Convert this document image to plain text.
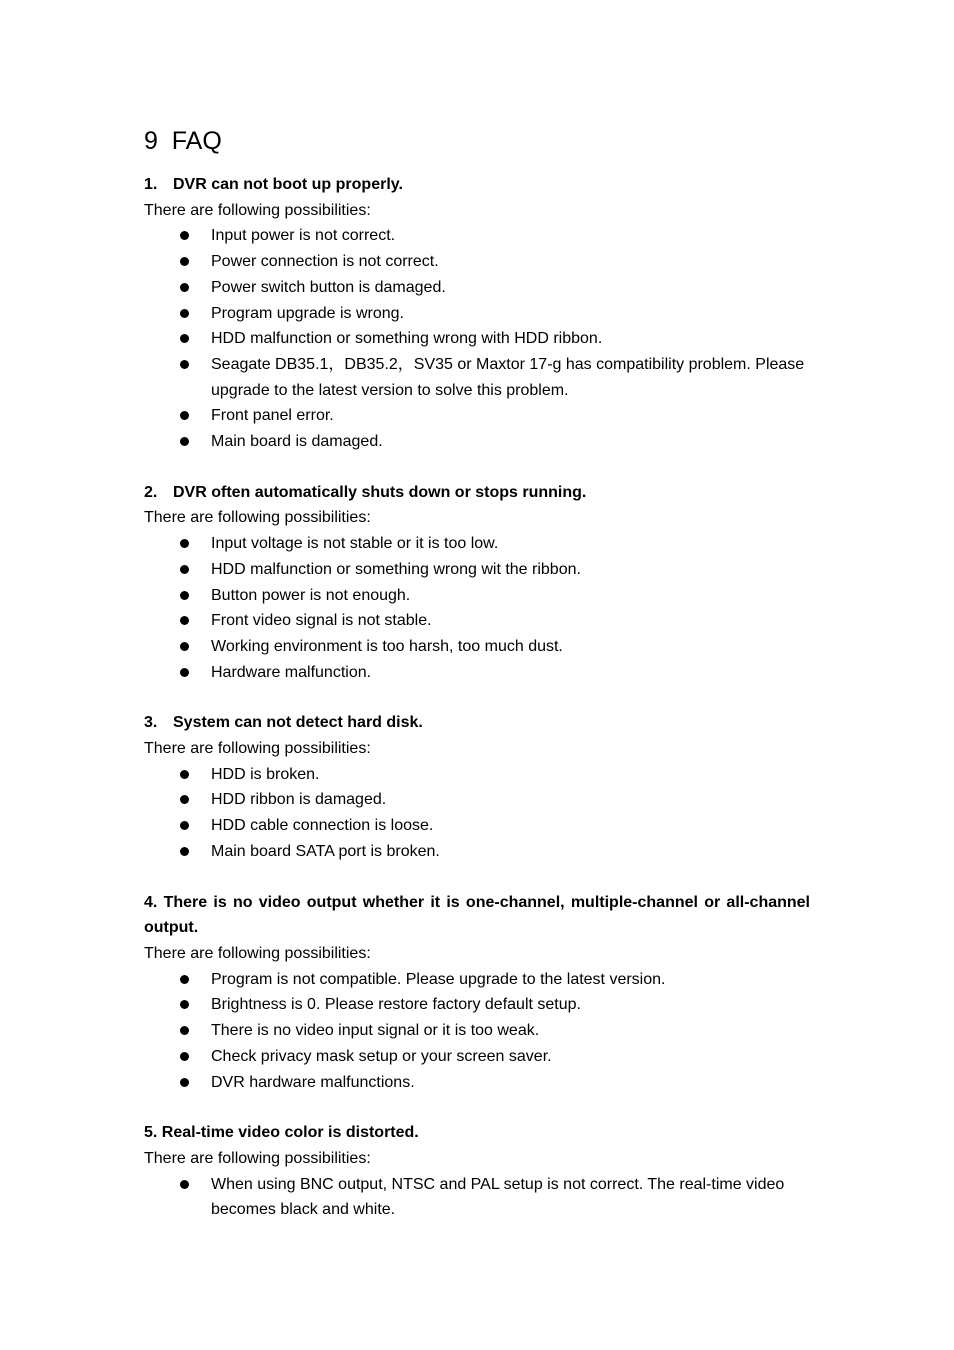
9  FAQ

1. DVR can not boot up properly.

There are following possibilities:

Input power is not correct.
Power connection is not correct.
Power switch button is damaged.
Program upgrade is wrong.
HDD malfunction or something wrong with HDD ribbon.
Seagate DB35.1，DB35.2，SV35 or Maxtor 17-g has compatibility problem. Please upgrade to the latest version to solve this problem.
Front panel error.
Main board is damaged.

2. DVR often automatically shuts down or stops running.

There are following possibilities:

Input voltage is not stable or it is too low.
HDD malfunction or something wrong wit the ribbon.
Button power is not enough.
Front video signal is not stable.
Working environment is too harsh, too much dust.
Hardware malfunction.

3. System can not detect hard disk.

There are following possibilities:

HDD is broken.
HDD ribbon is damaged.
HDD cable connection is loose.
Main board SATA port is broken.

4. There is no video output whether it is one-channel, multiple-channel or all-channel output.

There are following possibilities:

Program is not compatible. Please upgrade to the latest version.
Brightness is 0. Please restore factory default setup.
There is no video input signal or it is too weak.
Check privacy mask setup or your screen saver.
DVR hardware malfunctions.

5. Real-time video color is distorted.

There are following possibilities:

When using BNC output, NTSC and PAL setup is not correct. The real-time video becomes black and white.
